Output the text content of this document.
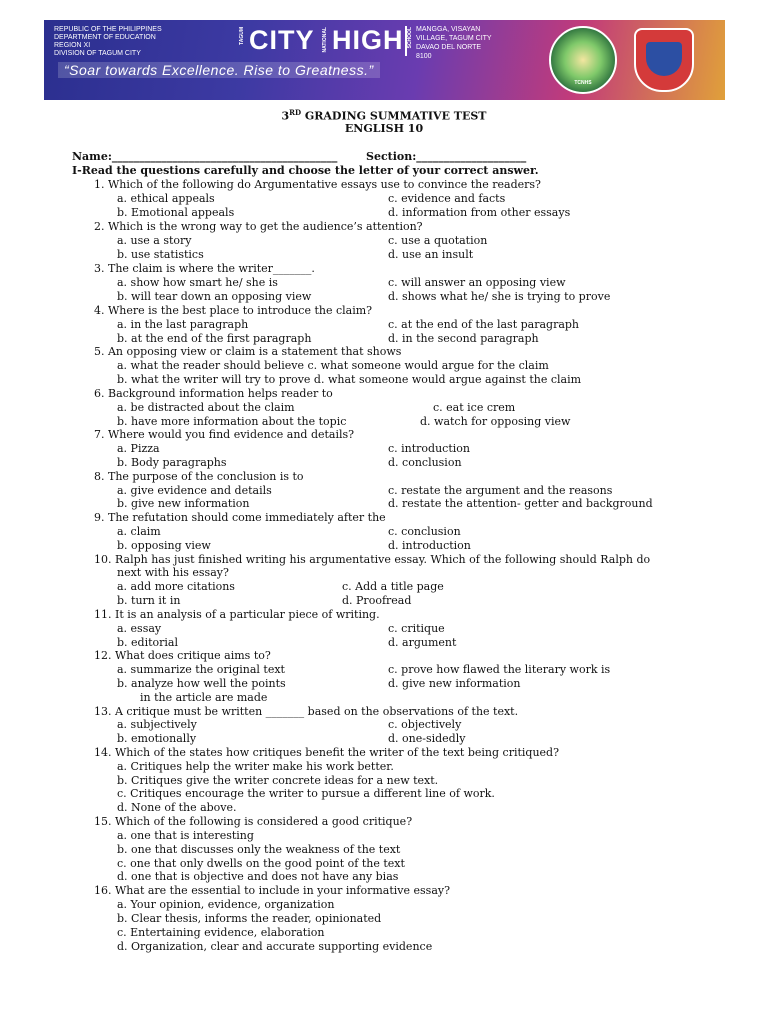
REPUBLIC OF THE PHILIPPINES
DEPARTMENT OF EDUCATION
REGION XI
DIVISION OF TAGUM CITY
TAGUM CITY NATIONAL HIGH SCHOOL MANGGA, VISAYAN
VILLAGE, TAGUM CITY
DAVAO DEL NORTE
8100
“Soar towards Excellence. Rise to Greatness.”
TCNHS
3RD GRADING SUMMATIVE TEST
ENGLISH 10
Name:_________________________________________	Section:____________________
I-Read the questions carefully and choose the letter of your correct answer.
1. Which of the following do Argumentative essays use to convince the readers?
a. ethical appeals	c. evidence and facts
b. Emotional appeals	d. information from other essays
2. Which is the wrong way to get the audience’s attention?
a. use a story	c. use a quotation
b. use statistics	d. use an insult
3. The claim is where the writer_______.
a. show how smart he/ she is	c. will answer an opposing view
b. will tear down an opposing view	d. shows what he/ she is trying to prove
4. Where is the best place to introduce the claim?
a. in the last paragraph	c. at the end of the last paragraph
b. at the end of the first paragraph	d. in the second paragraph
5. An opposing view or claim is a statement that shows
a. what the reader should believe c. what someone would argue for the claim
b. what the writer will try to prove d. what someone would argue against the claim
6. Background information helps reader to
a. be distracted about the claim	c. eat ice crem
b. have more information about the topic	d. watch for opposing view
7. Where would you find evidence and details?
a. Pizza	c. introduction
b. Body paragraphs	d. conclusion
8. The purpose of the conclusion is to
a. give evidence and details	c. restate the argument and the reasons
b. give new information	d. restate the attention- getter and background
9. The refutation should come immediately after the
a. claim	c. conclusion
b. opposing view	d. introduction
10. Ralph has just finished writing his argumentative essay. Which of the following should Ralph do
next with his essay?
a. add more citations	c. Add a title page
b. turn it in	d. Proofread
11. It is an analysis of a particular piece of writing.
a. essay	c. critique
b. editorial	d. argument
12. What does critique aims to?
a. summarize the original text	c. prove how flawed the literary work is
b. analyze how well the points	d. give new information
in the article are made
13. A critique must be written _______ based on the observations of the text.
a. subjectively	c. objectively
b. emotionally	d. one-sidedly
14. Which of the states how critiques benefit the writer of the text being critiqued?
a. Critiques help the writer make his work better.
b. Critiques give the writer concrete ideas for a new text.
c. Critiques encourage the writer to pursue a different line of work.
d. None of the above.
15. Which of the following is considered a good critique?
a. one that is interesting
b. one that discusses only the weakness of the text
c. one that only dwells on the good point of the text
d. one that is objective and does not have any bias
16. What are the essential to include in your informative essay?
a. Your opinion, evidence, organization
b. Clear thesis, informs the reader, opinionated
c. Entertaining evidence, elaboration
d. Organization, clear and accurate supporting evidence
